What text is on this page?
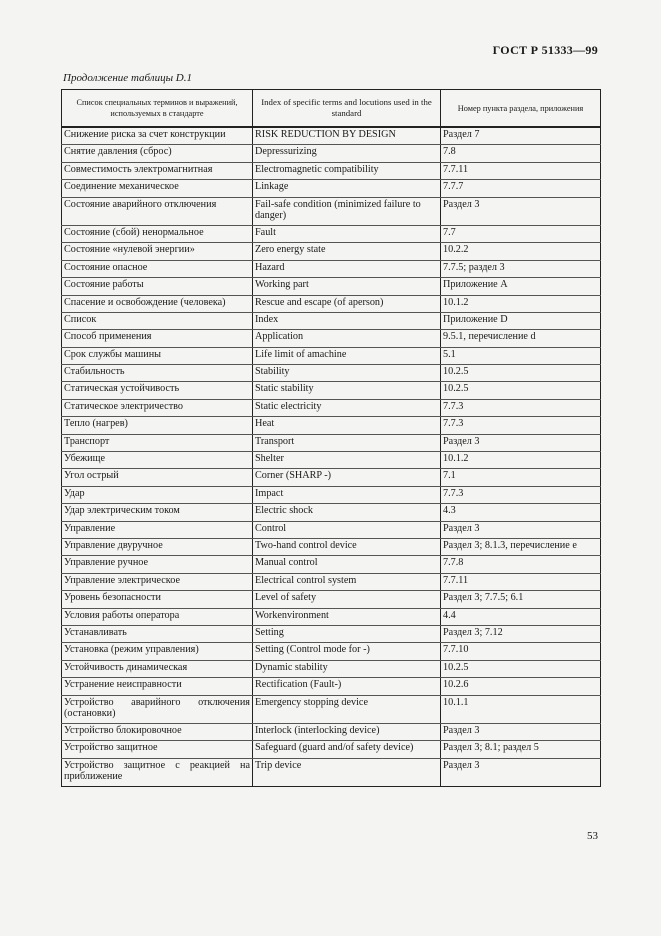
ГОСТ Р 51333—99
Продолжение таблицы D.1
Список специальных терминов и выражений, используемых в стандарте	Index of specific terms and locutions used in the standard	Номер пункта раздела, приложения
Снижение риска за счет конструкции	RISK REDUCTION BY DESIGN	Раздел 7
Снятие давления (сброс)	Depressurizing	7.8
Совместимость электромагнитная	Electromagnetic compatibility	7.7.11
Соединение механическое	Linkage	7.7.7
Состояние аварийного отключения	Fail-safe condition (minimized failure to danger)	Раздел 3
Состояние (сбой) ненормальное	Fault	7.7
Состояние «нулевой энергии»	Zero energy state	10.2.2
Состояние опасное	Hazard	7.7.5; раздел 3
Состояние работы	Working part	Приложение А
Спасение и освобождение (человека)	Rescue and escape (of aperson)	10.1.2
Список	Index	Приложение D
Способ применения	Application	9.5.1, перечисление d
Срок службы машины	Life limit of amachine	5.1
Стабильность	Stability	10.2.5
Статическая устойчивость	Static stability	10.2.5
Статическое электричество	Static electricity	7.7.3
Тепло (нагрев)	Heat	7.7.3
Транспорт	Transport	Раздел 3
Убежище	Shelter	10.1.2
Угол острый	Corner (SHARP -)	7.1
Удар	Impact	7.7.3
Удар электрическим током	Electric shock	4.3
Управление	Control	Раздел 3
Управление двуручное	Two-hand control device	Раздел 3; 8.1.3, перечисление е
Управление ручное	Manual control	7.7.8
Управление электрическое	Electrical control system	7.7.11
Уровень безопасности	Level of safety	Раздел 3; 7.7.5; 6.1
Условия работы оператора	Workenvironment	4.4
Устанавливать	Setting	Раздел 3; 7.12
Установка (режим управления)	Setting (Control mode for -)	7.7.10
Устойчивость динамическая	Dynamic stability	10.2.5
Устранение неисправности	Rectification (Fault-)	10.2.6
Устройство аварийного отключения (остановки)	Emergency stopping device	10.1.1
Устройство блокировочное	Interlock (interlocking device)	Раздел 3
Устройство защитное	Safeguard (guard and/of safety device)	Раздел 3; 8.1; раздел 5
Устройство защитное с реакцией на приближение	Trip device	Раздел 3
53
